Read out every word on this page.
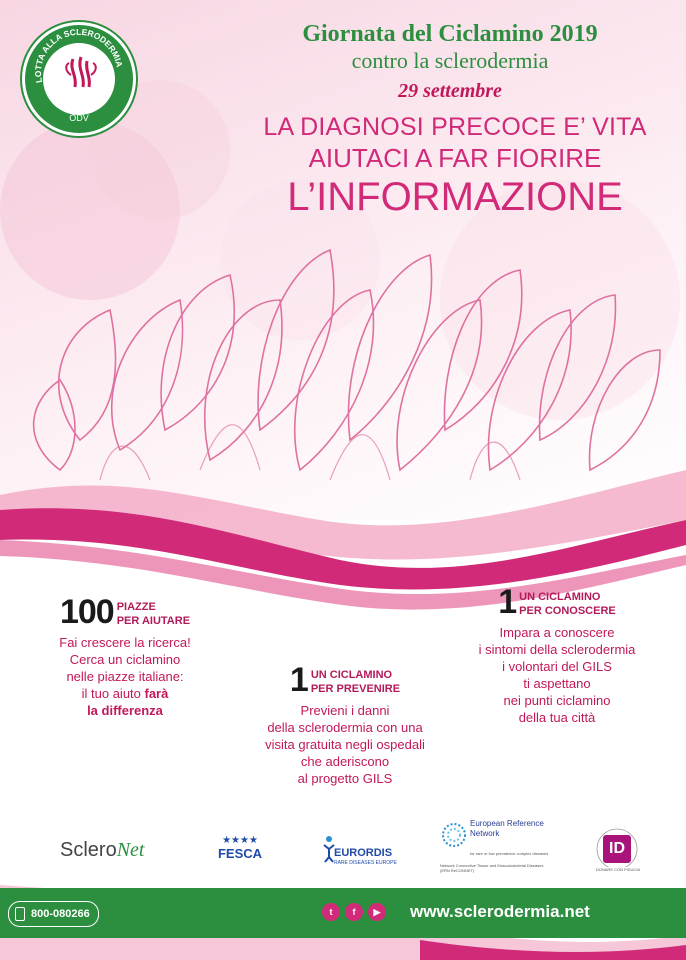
LOTTA ALLA SCLERODERMIA
GILS
ODV
Giornata del Ciclamino 2019
contro la sclerodermia
29 settembre
LA DIAGNOSI PRECOCE E’ VITA
AIUTACI A FAR FIORIRE
L’INFORMAZIONE
100 PIAZZE
PER AIUTARE
Fai crescere la ricerca!
Cerca un ciclamino
nelle piazze italiane:
il tuo aiuto farà
la differenza
1 UN CICLAMINO
PER PREVENIRE
Previeni i danni
della sclerodermia con una
visita gratuita negli ospedali
che aderiscono
al progetto GILS
1 UN CICLAMINO
PER CONOSCERE
Impara a conoscere
i sintomi della sclerodermia
i volontari del GILS
ti aspettano
nei punti ciclamino
della tua città
ScleroNet	★★★★
FESCA	EURORDIS
RARE DISEASES EUROPE
European Reference Network
for rare or low prevalence complex diseases
Network Connective Tissue and Musculoskeletal Diseases (ERN ReCONNET)
ID
DONARE CON FIDUCIA
800-080266	t	f	▶	www.sclerodermia.net
